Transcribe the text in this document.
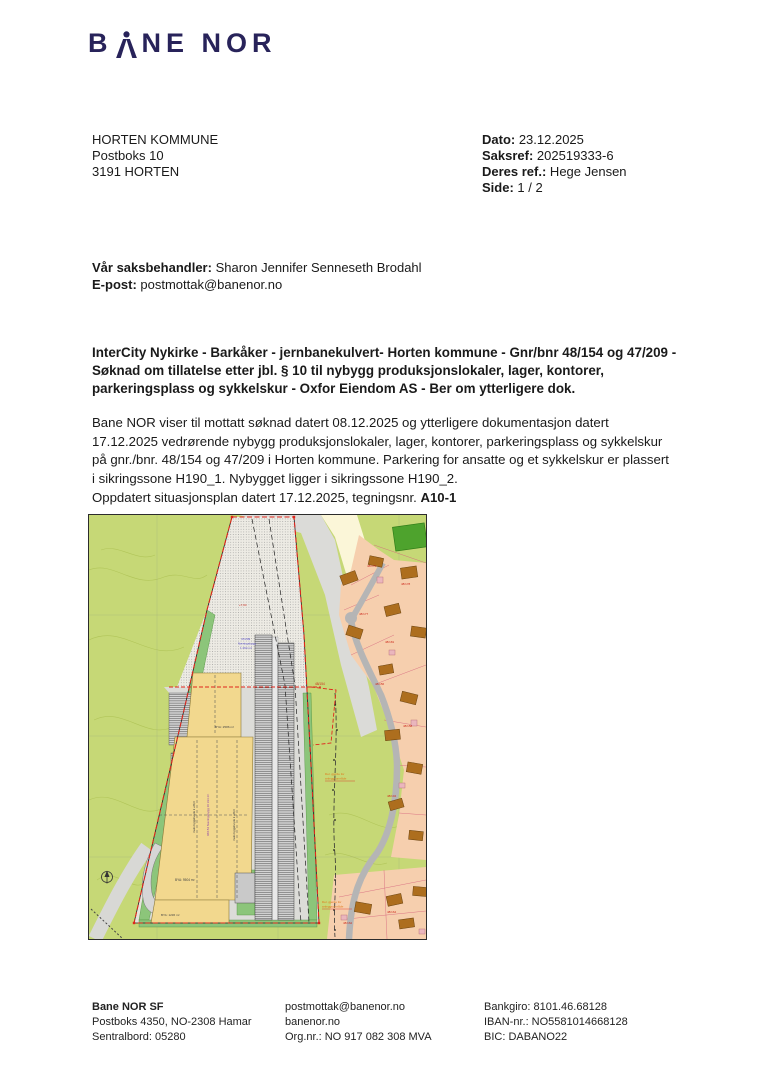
B NE NOR
HORTEN KOMMUNE
Postboks 10
3191 HORTEN
Dato: 23.12.2025
Saksref: 202519333-6
Deres ref.: Hege Jensen
Side: 1 / 2
Vår saksbehandler: Sharon Jennifer Senneseth Brodahl
E-post: postmottak@banenor.no
InterCity Nykirke - Barkåker - jernbanekulvert- Horten kommune - Gnr/bnr 48/154 og 47/209 -
Søknad om tillatelse etter jbl. § 10 til nybygg produksjonslokaler, lager, kontorer,
parkeringsplass og sykkelskur - Oxfor Eiendom AS - Ber om ytterligere dok.
Bane NOR viser til mottatt søknad datert 08.12.2025 og ytterligere dokumentasjon datert
17.12.2025 vedrørende nybygg produksjonslokaler, lager, kontorer, parkeringsplass og sykkelskur
på gnr./bnr. 48/154 og 47/209 i Horten kommune. Parkering for ansatte og et sykkelskur er plassert
i sikringssone H190_1. Nybygget ligger i sikringssone H190_2.
Oppdatert situasjonsplan datert 17.12.2025, tegningsnr. A10-1
48/154
+7,04
47/209
Næringsbygg
1 264 m²
BYA: 2586 m²
48/154 Næringsbygg 10 333 m²
maks byggehøyde k +88,0	maks byggehøyde k +88,0
BYA: 9504 m²
BYA: 1236 m²
Del. gjerde for
anleggsområde
Del. gjerde for
anleggsområde
48/170
48/178
48/177
48/181
48/104
48/156
48/158
48/162
48/164
Bane NOR SF
Postboks 4350, NO-2308 Hamar
Sentralbord: 05280
postmottak@banenor.no
banenor.no
Org.nr.: NO 917 082 308 MVA
Bankgiro: 8101.46.68128
IBAN-nr.: NO5581014668128
BIC: DABANO22
